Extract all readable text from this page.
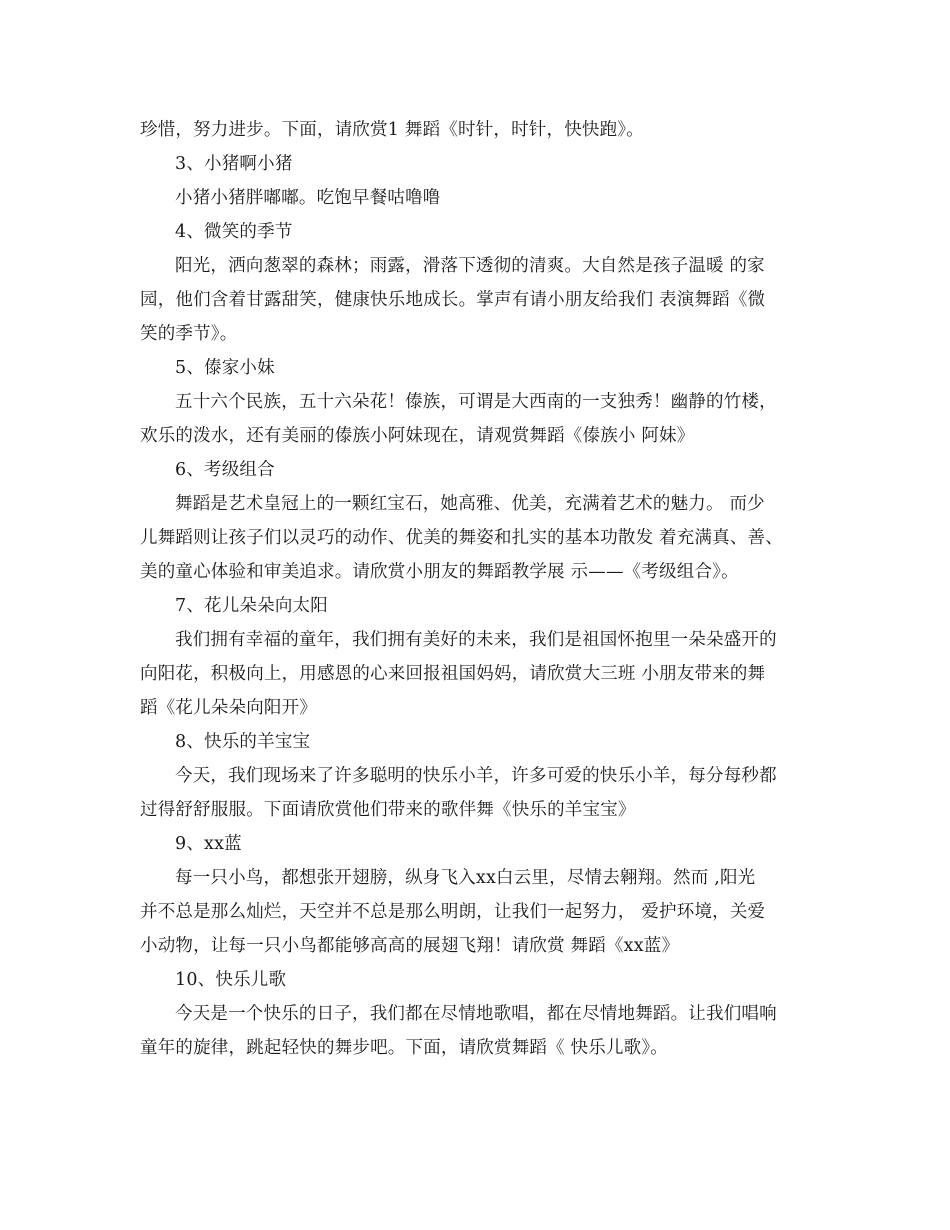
珍惜，努力进步。下面，请欣赏1 舞蹈《时针，时针，快快跑》。
3、小猪啊小猪
小猪小猪胖嘟嘟。吃饱早餐咕噜噜
4、微笑的季节
阳光，洒向葱翠的森林；雨露，滑落下透彻的清爽。大自然是孩子温暖 的家
园，他们含着甘露甜笑，健康快乐地成长。掌声有请小朋友给我们 表演舞蹈《微
笑的季节》。
5、傣家小妹
五十六个民族，五十六朵花！傣族，可谓是大西南的一支独秀！幽静的竹楼，
欢乐的泼水，还有美丽的傣族小阿妹现在，请观赏舞蹈《傣族小 阿妹》
6、考级组合
舞蹈是艺术皇冠上的一颗红宝石，她高雅、优美，充满着艺术的魅力。 而少
儿舞蹈则让孩子们以灵巧的动作、优美的舞姿和扎实的基本功散发 着充满真、善、
美的童心体验和审美追求。请欣赏小朋友的舞蹈教学展 示——《考级组合》。
7、花儿朵朵向太阳
我们拥有幸福的童年，我们拥有美好的未来，我们是祖国怀抱里一朵朵盛开的
向阳花，积极向上，用感恩的心来回报祖国妈妈，请欣赏大三班 小朋友带来的舞
蹈《花儿朵朵向阳开》
8、快乐的羊宝宝
今天，我们现场来了许多聪明的快乐小羊，许多可爱的快乐小羊，每分每秒都
过得舒舒服服。下面请欣赏他们带来的歌伴舞《快乐的羊宝宝》
9、xx蓝
每一只小鸟，都想张开翅膀，纵身飞入xx白云里，尽情去翱翔。然而 ,阳光
并不总是那么灿烂，天空并不总是那么明朗，让我们一起努力， 爱护环境，关爱
小动物，让每一只小鸟都能够高高的展翅飞翔！请欣赏 舞蹈《xx蓝》
10、快乐儿歌
今天是一个快乐的日子，我们都在尽情地歌唱，都在尽情地舞蹈。让我们唱响
童年的旋律，跳起轻快的舞步吧。下面，请欣赏舞蹈《 快乐儿歌》。
